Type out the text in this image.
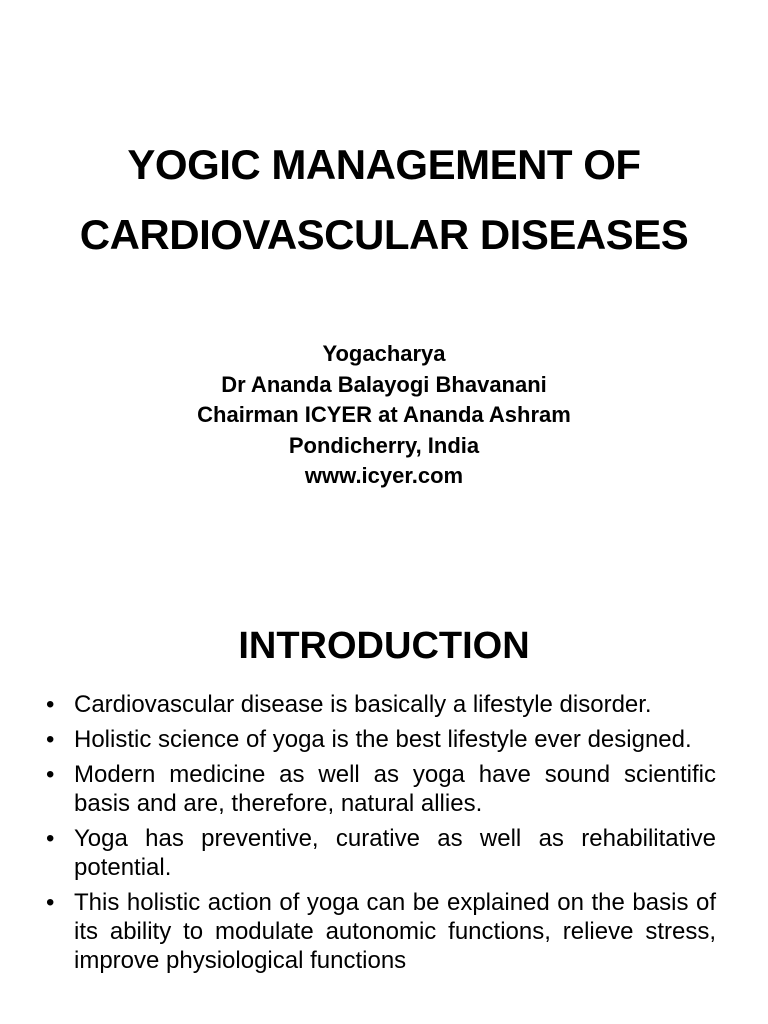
YOGIC MANAGEMENT OF
CARDIOVASCULAR DISEASES
Yogacharya
Dr Ananda Balayogi Bhavanani
Chairman ICYER at Ananda Ashram
Pondicherry, India
www.icyer.com
INTRODUCTION
• Cardiovascular disease is basically a lifestyle disorder.
• Holistic science of yoga is the best lifestyle ever designed.
• Modern medicine as well as yoga have sound scientific basis and are, therefore, natural allies.
• Yoga has preventive, curative as well as rehabilitative potential.
• This holistic action of yoga can be explained on the basis of its ability to modulate autonomic functions, relieve stress, improve physiological functions
